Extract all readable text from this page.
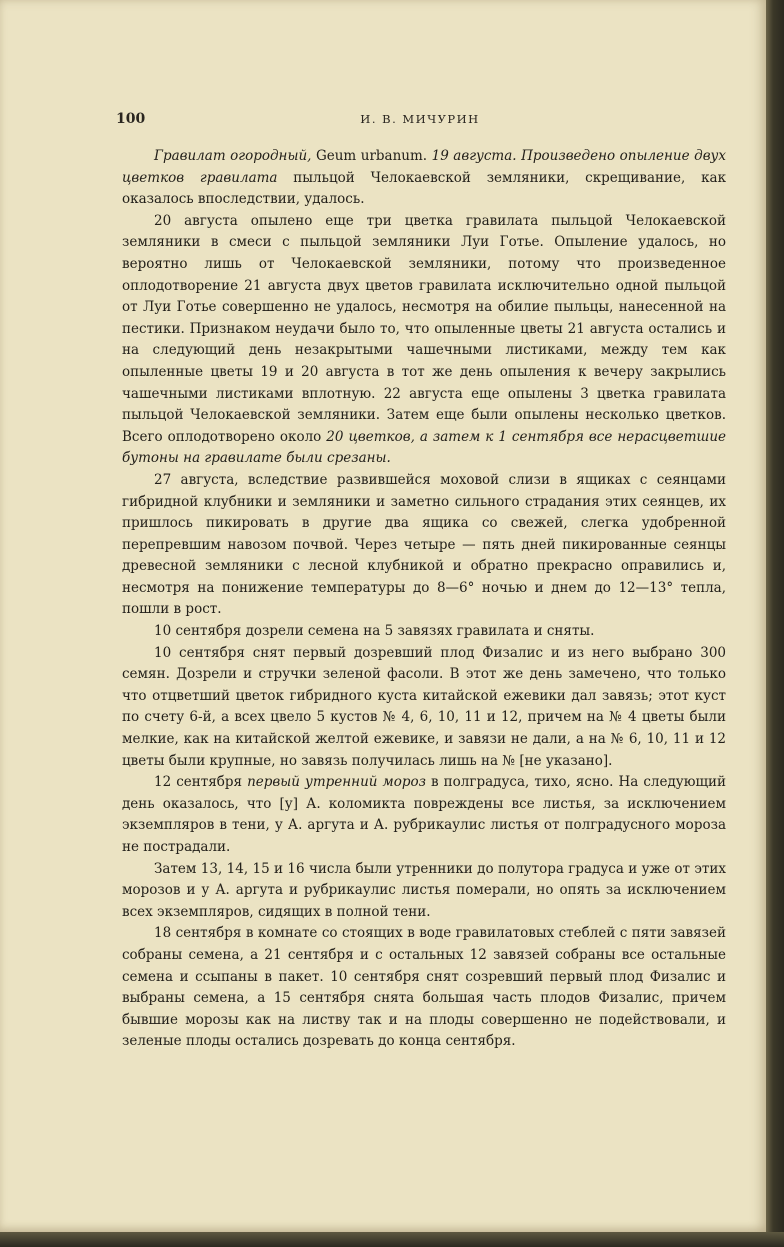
100	И. В. МИЧУРИН

Гравилат огородный, Geum urbanum. 19 августа. Произведено опыление двух цветков гравилата пыльцой Челокаевской земляники, скрещивание, как оказалось впоследствии, удалось.

20 августа опылено еще три цветка гравилата пыльцой Челокаевской земляники в смеси с пыльцой земляники Луи Готье. Опыление удалось, но вероятно лишь от Челокаевской земляники, потому что произведенное оплодотворение 21 августа двух цветов гравилата исключительно одной пыльцой от Луи Готье совершенно не удалось, несмотря на обилие пыльцы, нанесенной на пестики. Признаком неудачи было то, что опыленные цветы 21 августа остались и на следующий день незакрытыми чашечными листиками, между тем как опыленные цветы 19 и 20 августа в тот же день опыления к вечеру закрылись чашечными листиками вплотную. 22 августа еще опылены 3 цветка гравилата пыльцой Челокаевской земляники. Затем еще были опылены несколько цветков. Всего оплодотворено около 20 цветков, а затем к 1 сентября все нерасцветшие бутоны на гравилате были срезаны.

27 августа, вследствие развившейся моховой слизи в ящиках с сеянцами гибридной клубники и земляники и заметно сильного страдания этих сеянцев, их пришлось пикировать в другие два ящика со свежей, слегка удобренной перепревшим навозом почвой. Через четыре — пять дней пикированные сеянцы древесной земляники с лесной клубникой и обратно прекрасно оправились и, несмотря на понижение температуры до 8—6° ночью и днем до 12—13° тепла, пошли в рост.

10 сентября дозрели семена на 5 завязях гравилата и сняты.

10 сентября снят первый дозревший плод Физалис и из него выбрано 300 семян. Дозрели и стручки зеленой фасоли. В этот же день замечено, что только что отцветший цветок гибридного куста китайской ежевики дал завязь; этот куст по счету 6-й, а всех цвело 5 кустов № 4, 6, 10, 11 и 12, причем на № 4 цветы были мелкие, как на китайской желтой ежевике, и завязи не дали, а на № 6, 10, 11 и 12 цветы были крупные, но завязь получилась лишь на № [не указано].

12 сентября первый утренний мороз в полградуса, тихо, ясно. На следующий день оказалось, что [у] А. коломикта повреждены все листья, за исключением экземпляров в тени, у А. аргута и А. рубрикаулис листья от полградусного мороза не пострадали.

Затем 13, 14, 15 и 16 числа были утренники до полутора градуса и уже от этих морозов и у А. аргута и рубрикаулис листья померали, но опять за исключением всех экземпляров, сидящих в полной тени.

18 сентября в комнате со стоящих в воде гравилатовых стеблей с пяти завязей собраны семена, а 21 сентября и с остальных 12 завязей собраны все остальные семена и ссыпаны в пакет. 10 сентября снят созревший первый плод Физалис и выбраны семена, а 15 сентября снята большая часть плодов Физалис, причем бывшие морозы как на листву так и на плоды совершенно не подействовали, и зеленые плоды остались дозревать до конца сентября.
